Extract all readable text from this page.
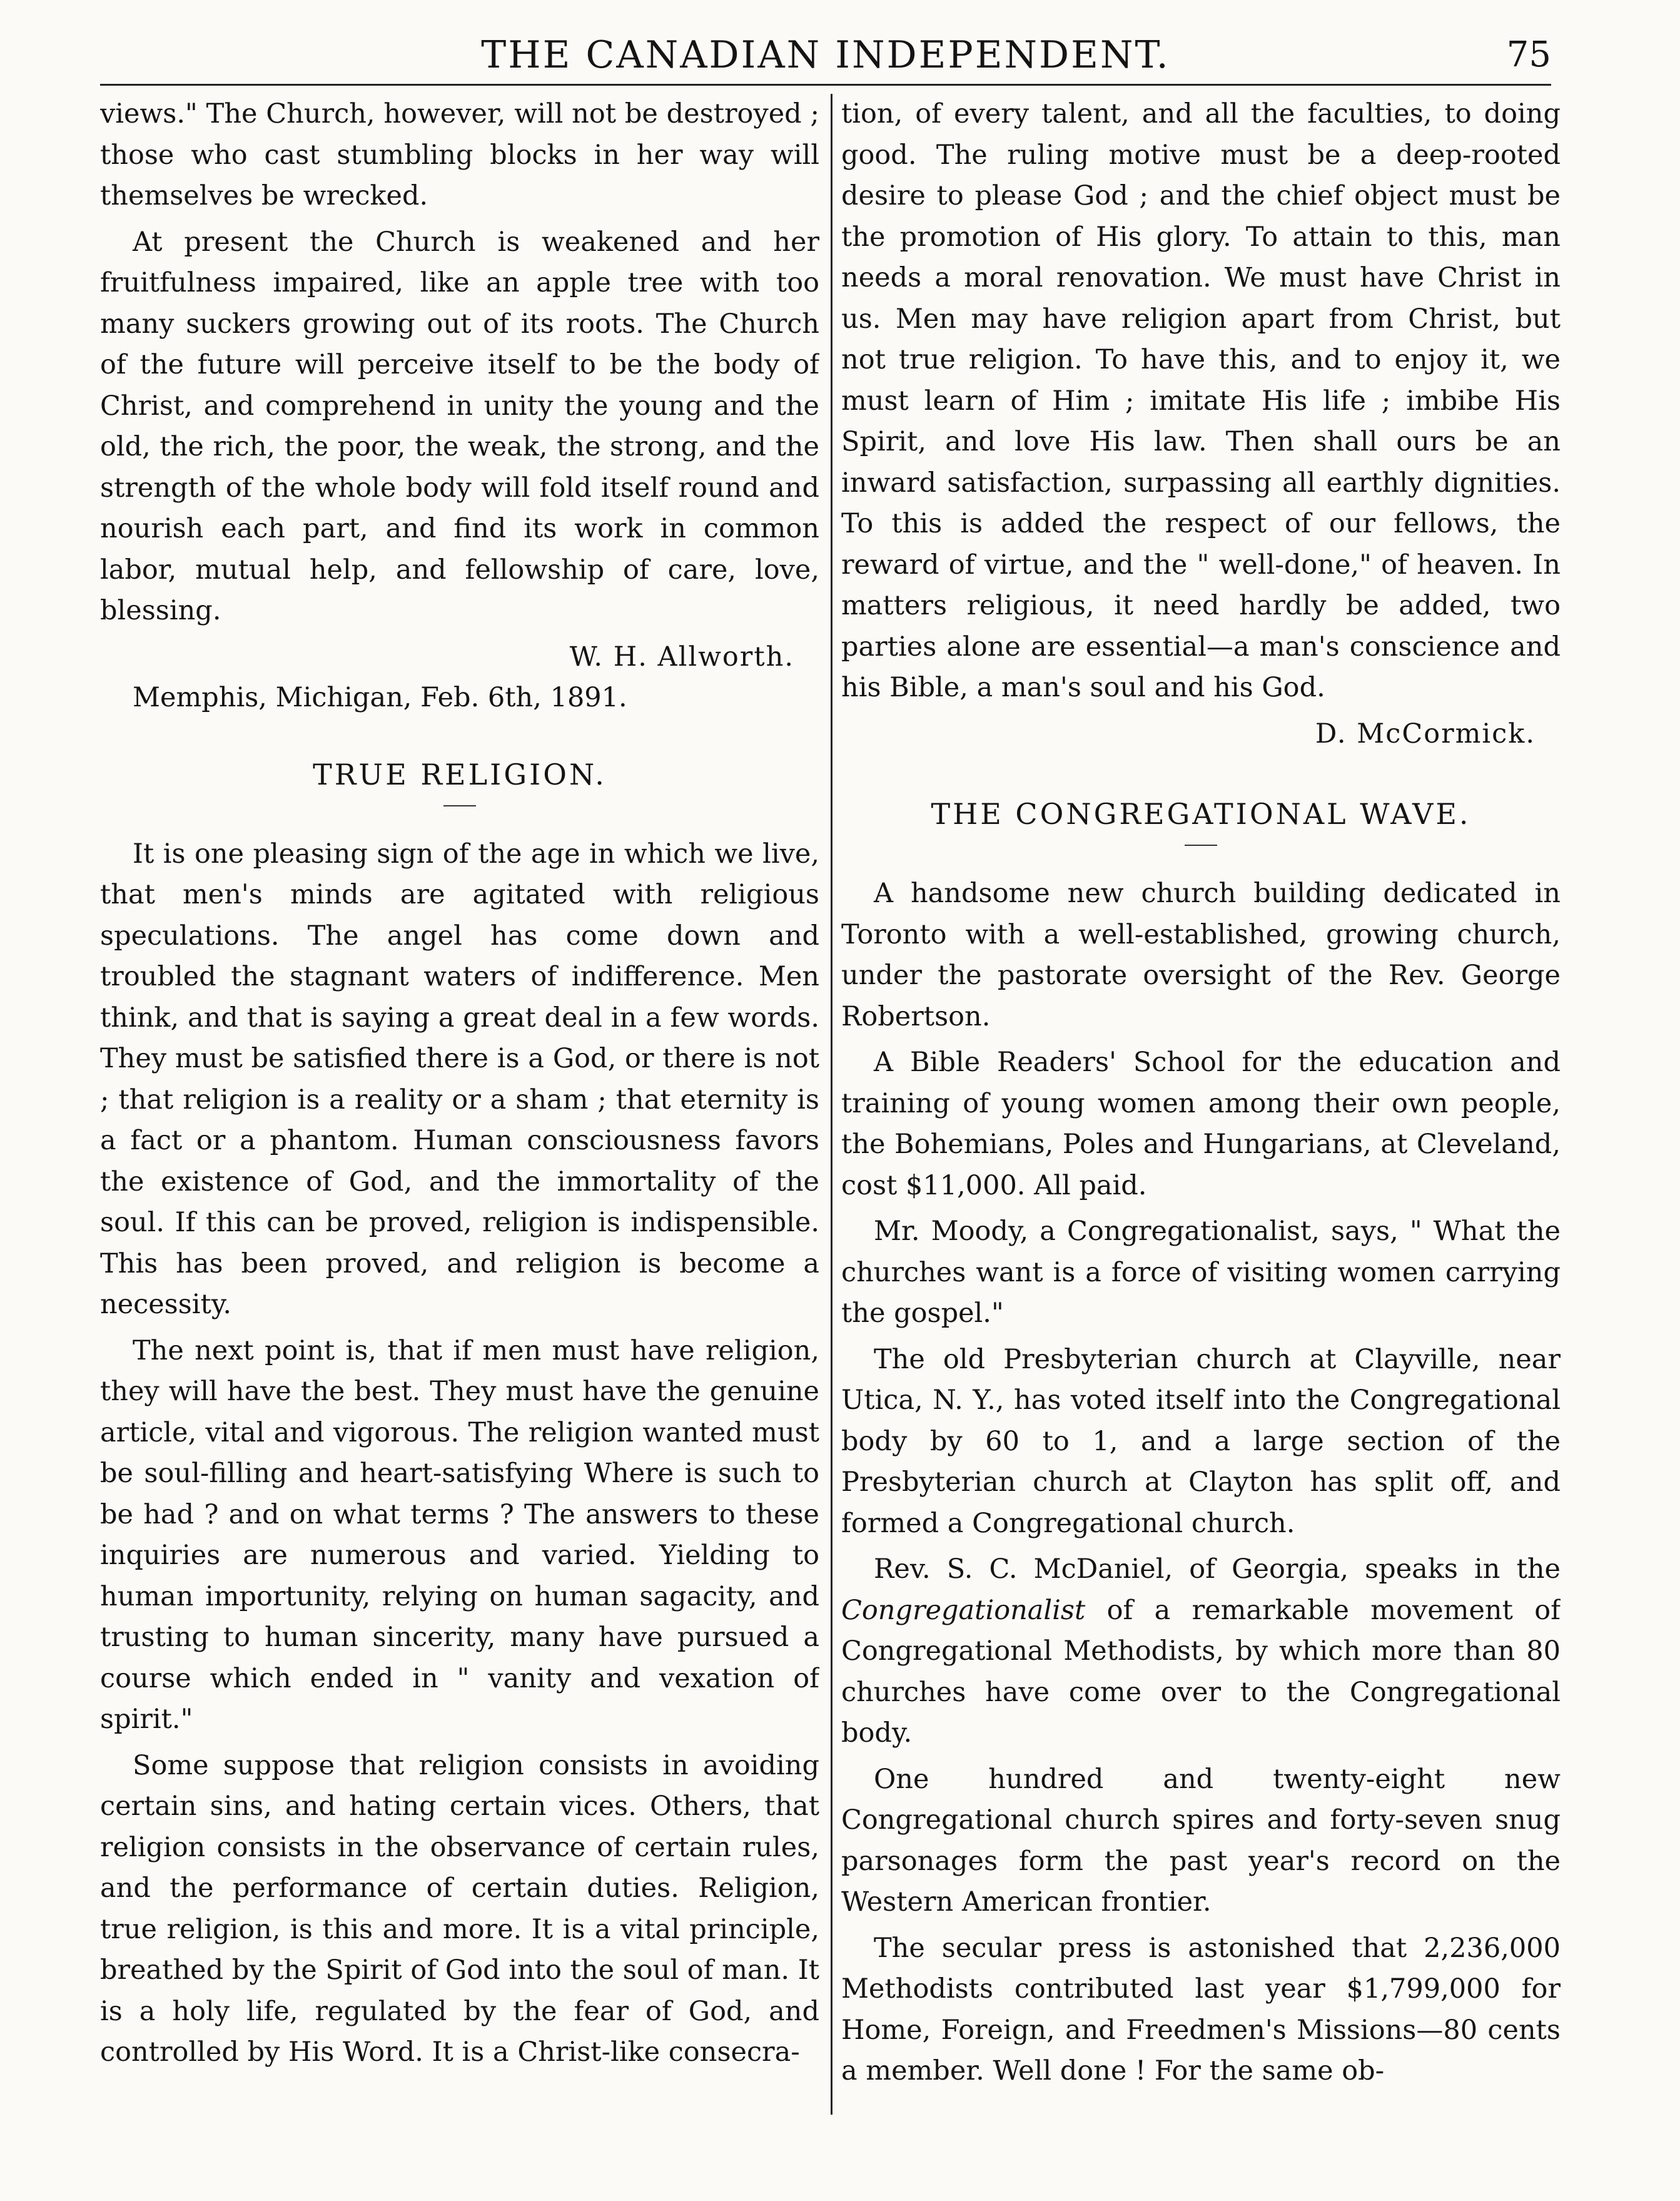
THE CANADIAN INDEPENDENT.	75

views." The Church, however, will not be destroyed ; those who cast stumbling blocks in her way will themselves be wrecked.

At present the Church is weakened and her fruitfulness impaired, like an apple tree with too many suckers growing out of its roots. The Church of the future will perceive itself to be the body of Christ, and comprehend in unity the young and the old, the rich, the poor, the weak, the strong, and the strength of the whole body will fold itself round and nourish each part, and find its work in common labor, mutual help, and fellowship of care, love, blessing.

W. H. Allworth.

Memphis, Michigan, Feb. 6th, 1891.

TRUE RELIGION.

It is one pleasing sign of the age in which we live, that men's minds are agitated with religious speculations. The angel has come down and troubled the stagnant waters of indifference. Men think, and that is saying a great deal in a few words. They must be satisfied there is a God, or there is not ; that religion is a reality or a sham ; that eternity is a fact or a phantom. Human consciousness favors the existence of God, and the immortality of the soul. If this can be proved, religion is indispensible. This has been proved, and religion is become a necessity.

The next point is, that if men must have religion, they will have the best. They must have the genuine article, vital and vigorous. The religion wanted must be soul-filling and heart-satisfying Where is such to be had ? and on what terms ? The answers to these inquiries are numerous and varied. Yielding to human importunity, relying on human sagacity, and trusting to human sincerity, many have pursued a course which ended in " vanity and vexation of spirit."

Some suppose that religion consists in avoiding certain sins, and hating certain vices. Others, that religion consists in the observance of certain rules, and the performance of certain duties. Religion, true religion, is this and more. It is a vital principle, breathed by the Spirit of God into the soul of man. It is a holy life, regulated by the fear of God, and controlled by His Word. It is a Christ-like consecra-

tion, of every talent, and all the faculties, to doing good. The ruling motive must be a deep-rooted desire to please God ; and the chief object must be the promotion of His glory. To attain to this, man needs a moral renovation. We must have Christ in us. Men may have religion apart from Christ, but not true religion. To have this, and to enjoy it, we must learn of Him ; imitate His life ; imbibe His Spirit, and love His law. Then shall ours be an inward satisfaction, surpassing all earthly dignities. To this is added the respect of our fellows, the reward of virtue, and the " well-done," of heaven. In matters religious, it need hardly be added, two parties alone are essential—a man's conscience and his Bible, a man's soul and his God.

D. McCormick.
THE CONGREGATIONAL WAVE.

A handsome new church building dedicated in Toronto with a well-established, growing church, under the pastorate oversight of the Rev. George Robertson.

A Bible Readers' School for the education and training of young women among their own people, the Bohemians, Poles and Hungarians, at Cleveland, cost $11,000. All paid.

Mr. Moody, a Congregationalist, says, " What the churches want is a force of visiting women carrying the gospel."

The old Presbyterian church at Clayville, near Utica, N. Y., has voted itself into the Congregational body by 60 to 1, and a large section of the Presbyterian church at Clayton has split off, and formed a Congregational church.

Rev. S. C. McDaniel, of Georgia, speaks in the Congregationalist of a remarkable movement of Congregational Methodists, by which more than 80 churches have come over to the Congregational body.

One hundred and twenty-eight new Congregational church spires and forty-seven snug parsonages form the past year's record on the Western American frontier.

The secular press is astonished that 2,236,000 Methodists contributed last year $1,799,000 for Home, Foreign, and Freedmen's Missions—80 cents a member. Well done ! For the same ob-
